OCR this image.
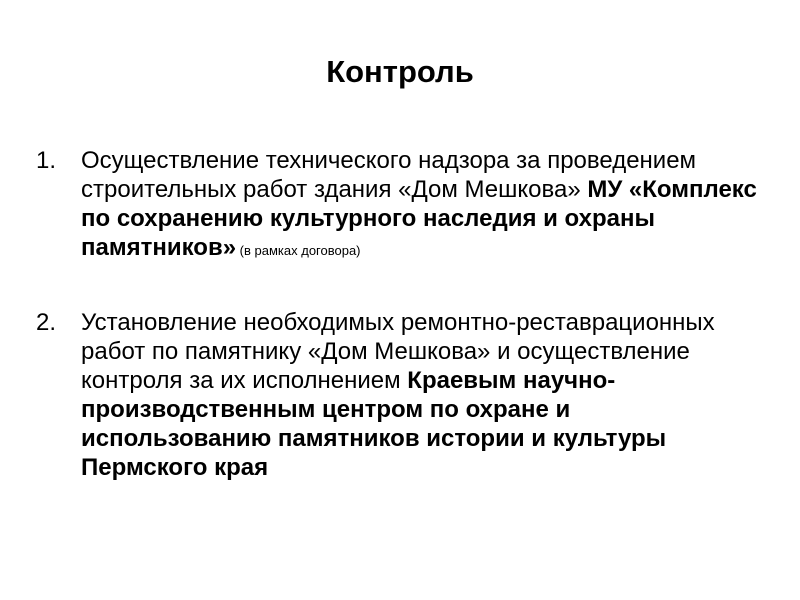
Контроль
1.	Осуществление технического надзора за проведением строительных работ здания «Дом Мешкова» МУ «Комплекс по сохранению культурного наследия и охраны памятников» (в рамках договора)
2.	Установление необходимых ремонтно-реставрационных работ по памятнику «Дом Мешкова» и осуществление контроля за их исполнением Краевым научно-производственным центром по охране и использованию памятников истории и культуры Пермского края
